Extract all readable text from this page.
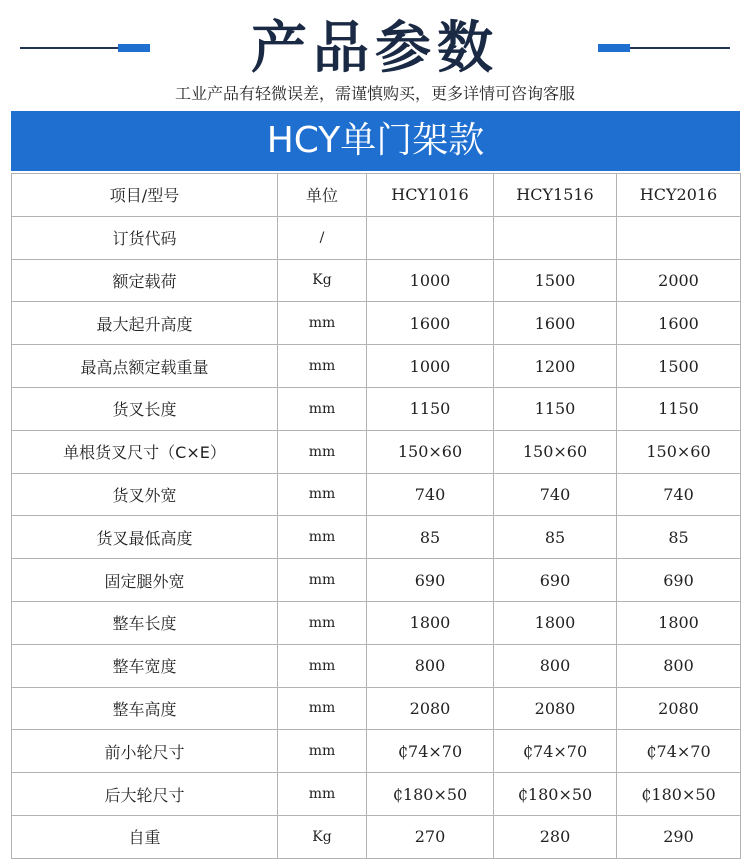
产品参数
工业产品有轻微误差，需谨慎购买，更多详情可咨询客服
HCY单门架款
项目/型号	单位	HCY1016	HCY1516	HCY2016
订货代码	/			
额定载荷	Kg	1000	1500	2000
最大起升高度	mm	1600	1600	1600
最高点额定载重量	mm	1000	1200	1500
货叉长度	mm	1150	1150	1150
单根货叉尺寸（C×E）	mm	150×60	150×60	150×60
货叉外宽	mm	740	740	740
货叉最低高度	mm	85	85	85
固定腿外宽	mm	690	690	690
整车长度	mm	1800	1800	1800
整车宽度	mm	800	800	800
整车高度	mm	2080	2080	2080
前小轮尺寸	mm	₵74×70	₵74×70	₵74×70
后大轮尺寸	mm	₵180×50	₵180×50	₵180×50
自重	Kg	270	280	290
